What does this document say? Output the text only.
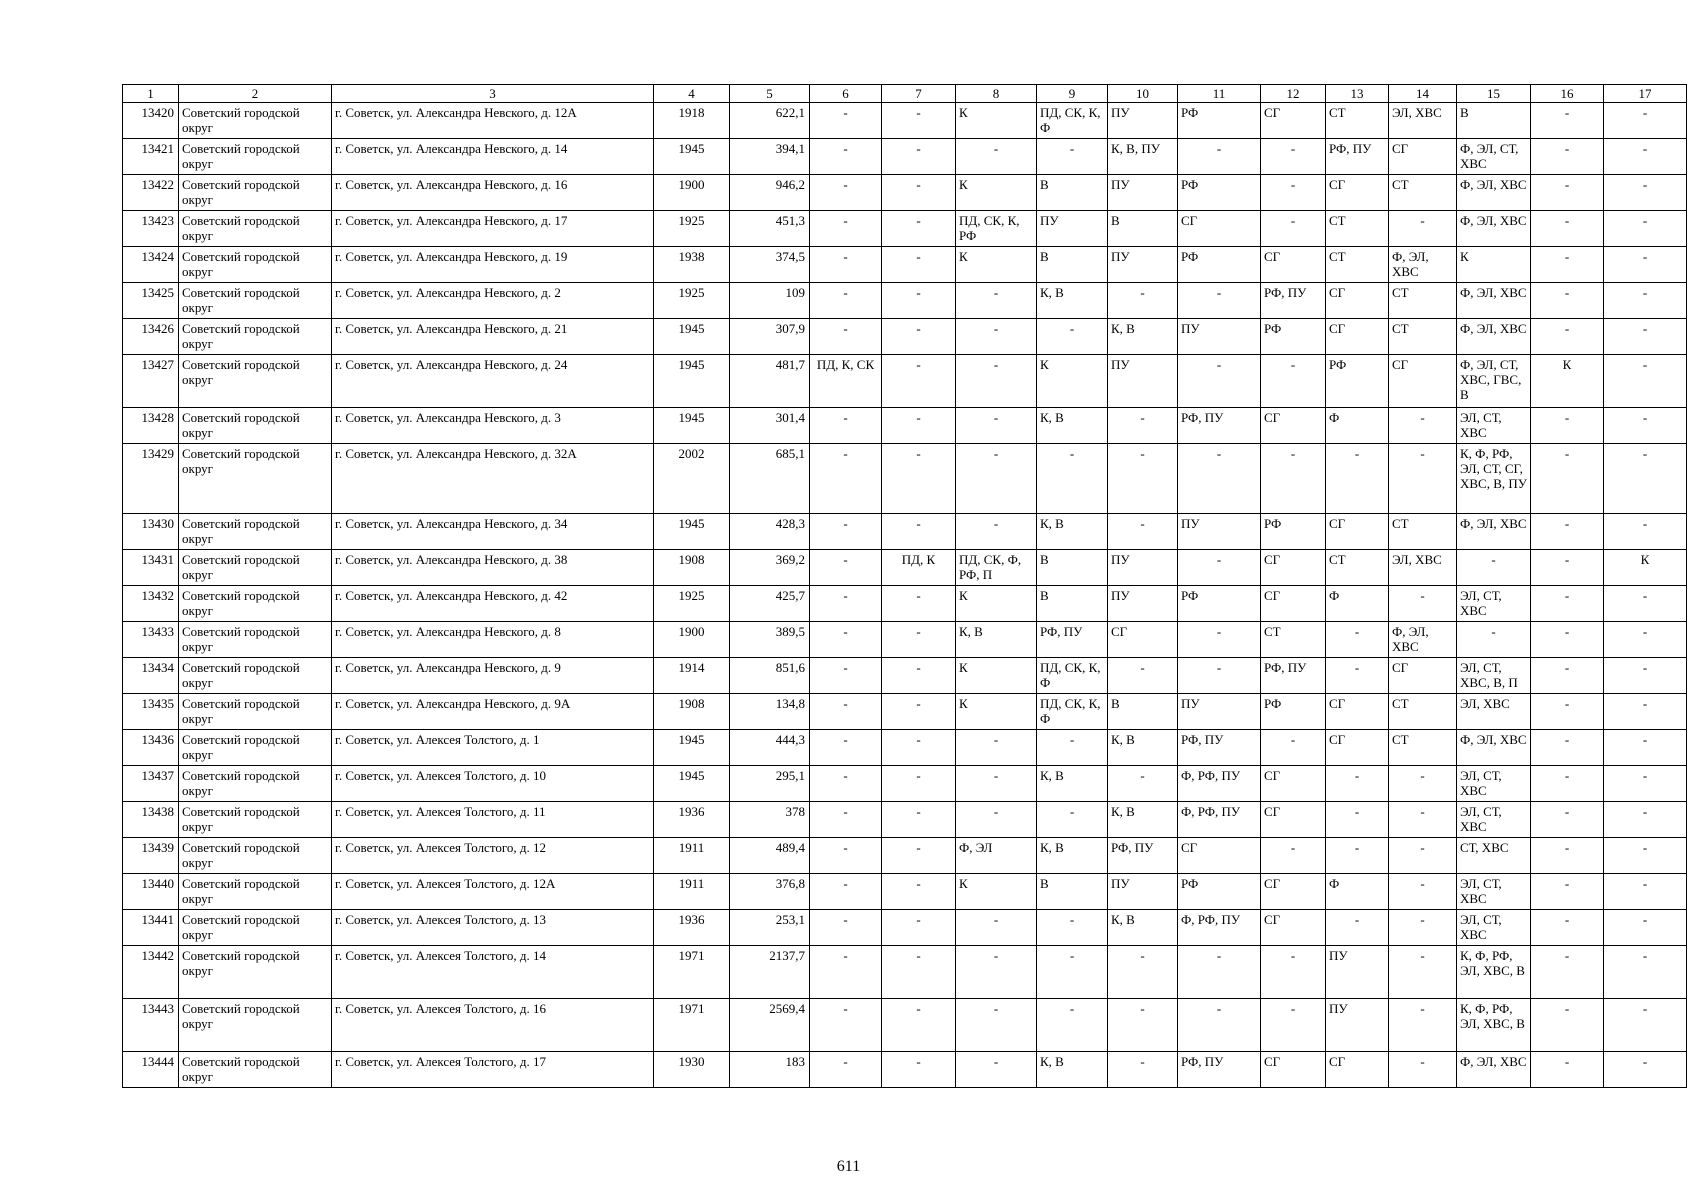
1	2	3	4	5	6	7	8	9	10	11	12	13	14	15	16	17
13420	Советский городской округ	г. Советск, ул. Александра Невского, д. 12А	1918	622,1	-	-	К	ПД, СК, К, Ф	ПУ	РФ	СГ	СТ	ЭЛ, ХВС	В	-	-
13421	Советский городской округ	г. Советск, ул. Александра Невского, д. 14	1945	394,1	-	-	-	-	К, В, ПУ	-	-	РФ, ПУ	СГ	Ф, ЭЛ, СТ, ХВС	-	-
13422	Советский городской округ	г. Советск, ул. Александра Невского, д. 16	1900	946,2	-	-	К	В	ПУ	РФ	-	СГ	СТ	Ф, ЭЛ, ХВС	-	-
13423	Советский городской округ	г. Советск, ул. Александра Невского, д. 17	1925	451,3	-	-	ПД, СК, К, РФ	ПУ	В	СГ	-	СТ	-	Ф, ЭЛ, ХВС	-	-
13424	Советский городской округ	г. Советск, ул. Александра Невского, д. 19	1938	374,5	-	-	К	В	ПУ	РФ	СГ	СТ	Ф, ЭЛ, ХВС	К	-	-
13425	Советский городской округ	г. Советск, ул. Александра Невского, д. 2	1925	109	-	-	-	К, В	-	-	РФ, ПУ	СГ	СТ	Ф, ЭЛ, ХВС	-	-
13426	Советский городской округ	г. Советск, ул. Александра Невского, д. 21	1945	307,9	-	-	-	-	К, В	ПУ	РФ	СГ	СТ	Ф, ЭЛ, ХВС	-	-
13427	Советский городской округ	г. Советск, ул. Александра Невского, д. 24	1945	481,7	ПД, К, СК	-	-	К	ПУ	-	-	РФ	СГ	Ф, ЭЛ, СТ, ХВС, ГВС, В	К	-
13428	Советский городской округ	г. Советск, ул. Александра Невского, д. 3	1945	301,4	-	-	-	К, В	-	РФ, ПУ	СГ	Ф	-	ЭЛ, СТ, ХВС	-	-
13429	Советский городской округ	г. Советск, ул. Александра Невского, д. 32А	2002	685,1	-	-	-	-	-	-	-	-	-	К, Ф, РФ, ЭЛ, СТ, СГ, ХВС, В, ПУ	-	-
13430	Советский городской округ	г. Советск, ул. Александра Невского, д. 34	1945	428,3	-	-	-	К, В	-	ПУ	РФ	СГ	СТ	Ф, ЭЛ, ХВС	-	-
13431	Советский городской округ	г. Советск, ул. Александра Невского, д. 38	1908	369,2	-	ПД, К	ПД, СК, Ф, РФ, П	В	ПУ	-	СГ	СТ	ЭЛ, ХВС	-	-	К
13432	Советский городской округ	г. Советск, ул. Александра Невского, д. 42	1925	425,7	-	-	К	В	ПУ	РФ	СГ	Ф	-	ЭЛ, СТ, ХВС	-	-
13433	Советский городской округ	г. Советск, ул. Александра Невского, д. 8	1900	389,5	-	-	К, В	РФ, ПУ	СГ	-	СТ	-	Ф, ЭЛ, ХВС	-	-	-
13434	Советский городской округ	г. Советск, ул. Александра Невского, д. 9	1914	851,6	-	-	К	ПД, СК, К, Ф	-	-	РФ, ПУ	-	СГ	ЭЛ, СТ, ХВС, В, П	-	-
13435	Советский городской округ	г. Советск, ул. Александра Невского, д. 9А	1908	134,8	-	-	К	ПД, СК, К, Ф	В	ПУ	РФ	СГ	СТ	ЭЛ, ХВС	-	-
13436	Советский городской округ	г. Советск, ул. Алексея Толстого, д. 1	1945	444,3	-	-	-	-	К, В	РФ, ПУ	-	СГ	СТ	Ф, ЭЛ, ХВС	-	-
13437	Советский городской округ	г. Советск, ул. Алексея Толстого, д. 10	1945	295,1	-	-	-	К, В	-	Ф, РФ, ПУ	СГ	-	-	ЭЛ, СТ, ХВС	-	-
13438	Советский городской округ	г. Советск, ул. Алексея Толстого, д. 11	1936	378	-	-	-	-	К, В	Ф, РФ, ПУ	СГ	-	-	ЭЛ, СТ, ХВС	-	-
13439	Советский городской округ	г. Советск, ул. Алексея Толстого, д. 12	1911	489,4	-	-	Ф, ЭЛ	К, В	РФ, ПУ	СГ	-	-	-	СТ, ХВС	-	-
13440	Советский городской округ	г. Советск, ул. Алексея Толстого, д. 12А	1911	376,8	-	-	К	В	ПУ	РФ	СГ	Ф	-	ЭЛ, СТ, ХВС	-	-
13441	Советский городской округ	г. Советск, ул. Алексея Толстого, д. 13	1936	253,1	-	-	-	-	К, В	Ф, РФ, ПУ	СГ	-	-	ЭЛ, СТ, ХВС	-	-
13442	Советский городской округ	г. Советск, ул. Алексея Толстого, д. 14	1971	2137,7	-	-	-	-	-	-	-	ПУ	-	К, Ф, РФ, ЭЛ, ХВС, В	-	-
13443	Советский городской округ	г. Советск, ул. Алексея Толстого, д. 16	1971	2569,4	-	-	-	-	-	-	-	ПУ	-	К, Ф, РФ, ЭЛ, ХВС, В	-	-
13444	Советский городской округ	г. Советск, ул. Алексея Толстого, д. 17	1930	183	-	-	-	К, В	-	РФ, ПУ	СГ	СГ	-	Ф, ЭЛ, ХВС	-	-
611
